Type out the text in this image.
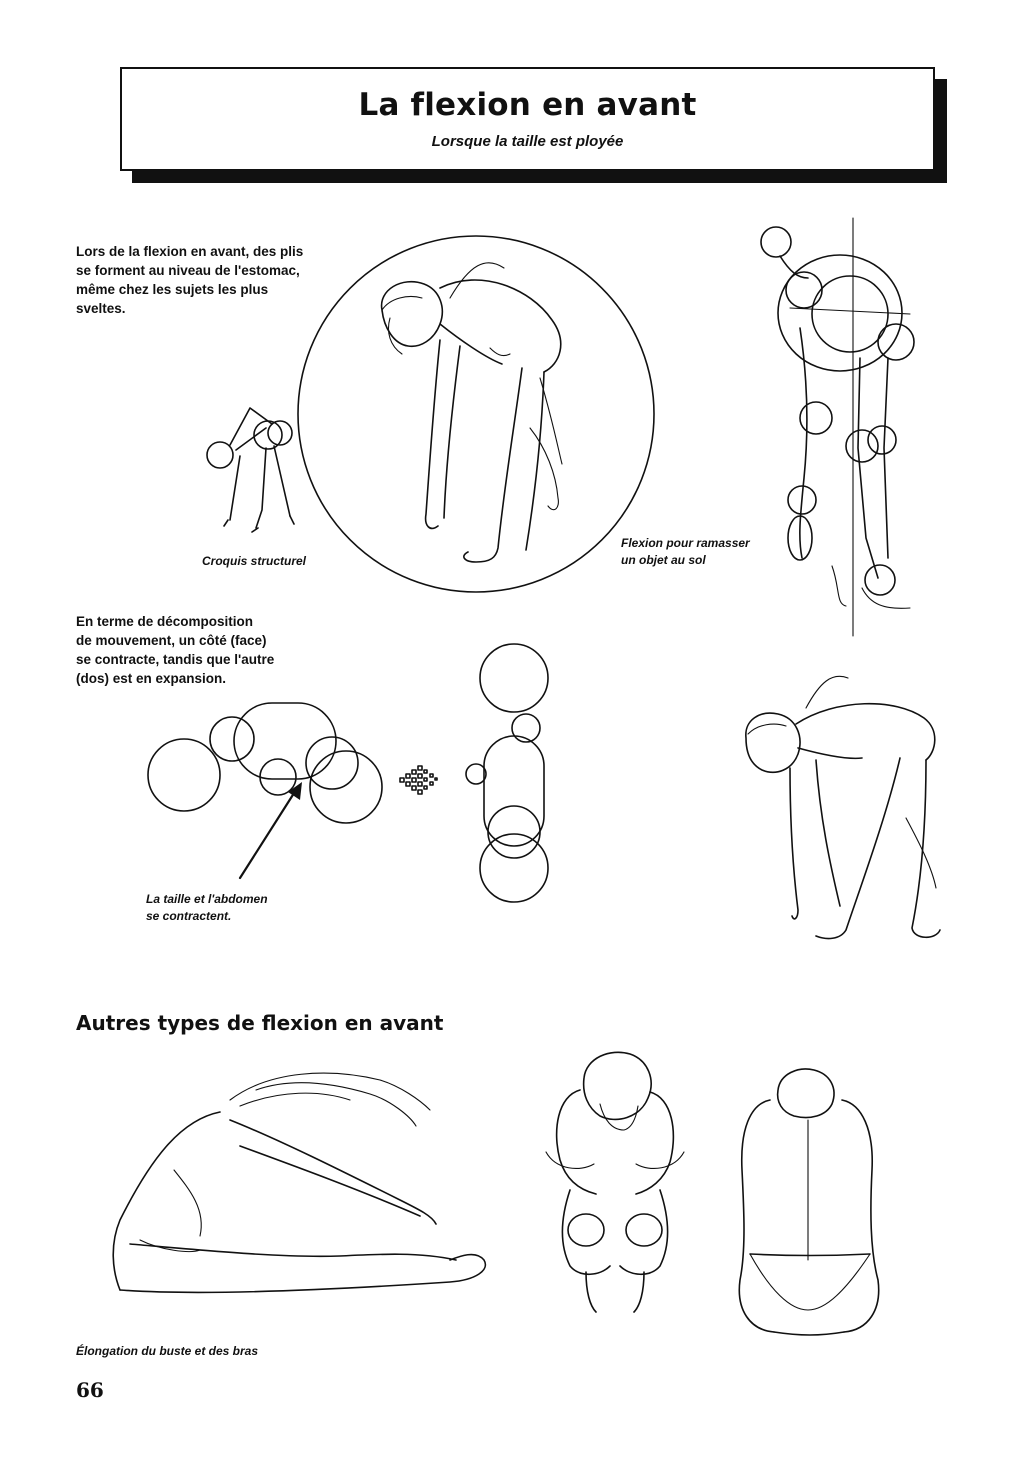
La flexion en avant
Lorsque la taille est ployée
Lors de la flexion en avant, des plis
se forment au niveau de l'estomac,
même chez les sujets les plus
sveltes.
Croquis structurel
Flexion pour ramasser
un objet au sol
En terme de décomposition
de mouvement, un côté (face)
se contracte, tandis que l'autre
(dos) est en expansion.
La taille et l'abdomen
se contractent.
Autres types de flexion en avant
Élongation du buste et des bras
66
